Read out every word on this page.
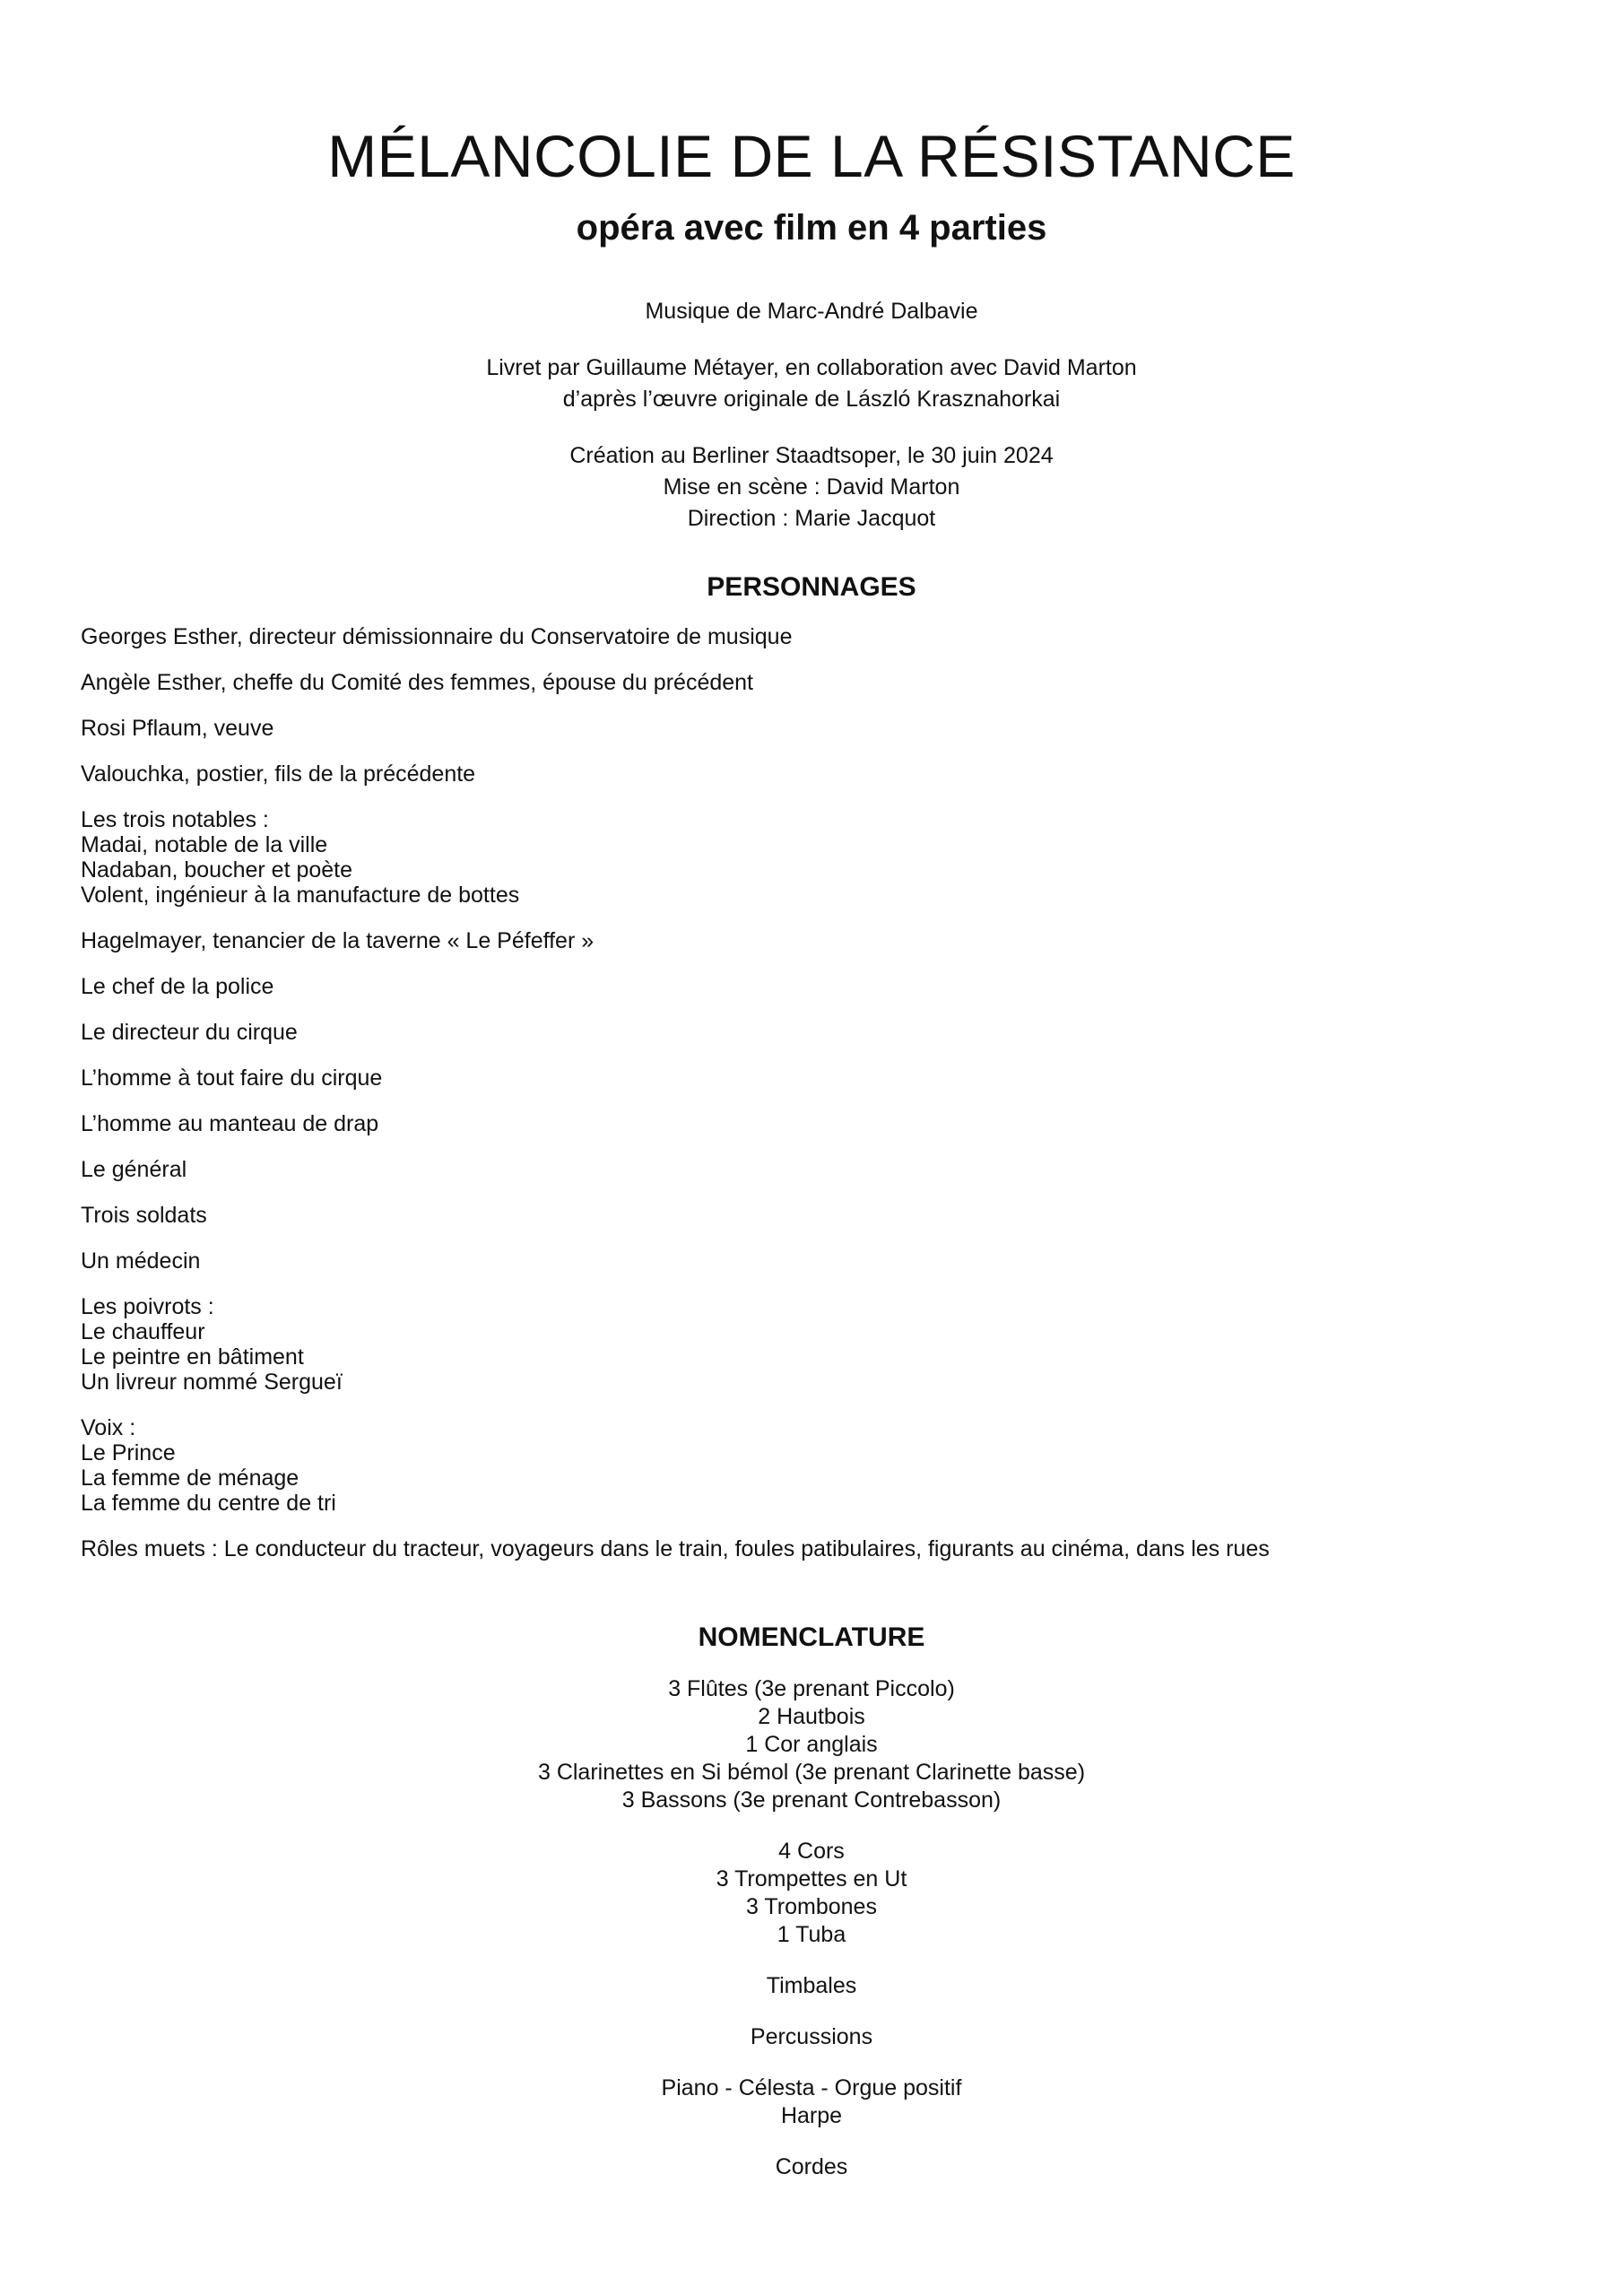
MÉLANCOLIE DE LA RÉSISTANCE
opéra avec film en 4 parties
Musique de Marc-André Dalbavie
Livret par Guillaume Métayer, en collaboration avec David Marton
d’après l’œuvre originale de László Krasznahorkai
Création au Berliner Staadtsoper, le 30 juin 2024
Mise en scène : David Marton
Direction : Marie Jacquot
PERSONNAGES
Georges Esther, directeur démissionnaire du Conservatoire de musique
Angèle Esther, cheffe du Comité des femmes, épouse du précédent
Rosi Pflaum, veuve
Valouchka, postier, fils de la précédente
Les trois notables :
Madai, notable de la ville
Nadaban, boucher et poète
Volent, ingénieur à la manufacture de bottes
Hagelmayer, tenancier de la taverne « Le Péfeffer »
Le chef de la police
Le directeur du cirque
L’homme à tout faire du cirque
L’homme au manteau de drap
Le général
Trois soldats
Un médecin
Les poivrots :
Le chauffeur
Le peintre en bâtiment
Un livreur nommé Sergueï
Voix :
Le Prince
La femme de ménage
La femme du centre de tri
Rôles muets : Le conducteur du tracteur, voyageurs dans le train, foules patibulaires, figurants au cinéma, dans les rues
NOMENCLATURE
3 Flûtes (3e prenant Piccolo)
2 Hautbois
1 Cor anglais
3 Clarinettes en Si bémol (3e prenant Clarinette basse)
3 Bassons (3e prenant Contrebasson)
4 Cors
3 Trompettes en Ut
3 Trombones
1 Tuba
Timbales
Percussions
Piano - Célesta - Orgue positif
Harpe
Cordes
